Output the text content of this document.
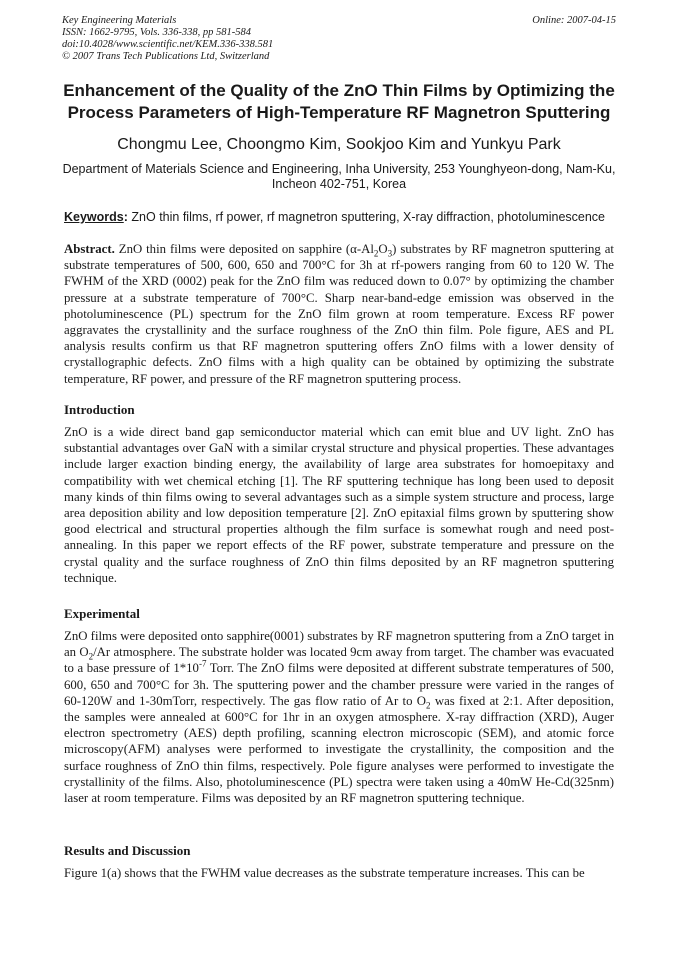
Key Engineering Materials
ISSN: 1662-9795, Vols. 336-338, pp 581-584
doi:10.4028/www.scientific.net/KEM.336-338.581
© 2007 Trans Tech Publications Ltd, Switzerland
Online: 2007-04-15
Enhancement of the Quality of the ZnO Thin Films by Optimizing the
Process Parameters of High-Temperature RF Magnetron Sputtering
Chongmu Lee, Choongmo Kim, Sookjoo Kim and Yunkyu Park
Department of Materials Science and Engineering, Inha University, 253 Younghyeon-dong, Nam-Ku,
Incheon 402-751, Korea
Keywords: ZnO thin films, rf power, rf magnetron sputtering, X-ray diffraction, photoluminescence

Abstract. ZnO thin films were deposited on sapphire $(\alpha-Al_2O_3)$ substrates by RF magnetron sputtering at substrate temperatures of 500, 600, 650 and 700°C for 3h at rf-powers ranging from 60 to 120 W. The FWHM of the XRD (0002) peak for the ZnO film was reduced down to 0.07° by optimizing the chamber pressure at a substrate temperature of 700°C. Sharp near-band-edge emission was observed in the photoluminescence (PL) spectrum for the ZnO film grown at room temperature. Excess RF power aggravates the crystallinity and the surface roughness of the ZnO thin film. Pole figure, AES and PL analysis results confirm us that RF magnetron sputtering offers ZnO films with a lower density of crystallographic defects. ZnO films with a high quality can be obtained by optimizing the substrate temperature, RF power, and pressure of the RF magnetron sputtering process.

Introduction

ZnO is a wide direct band gap semiconductor material which can emit blue and UV light. ZnO has substantial advantages over GaN with a similar crystal structure and physical properties. These advantages include larger exaction binding energy, the availability of large area substrates for homoepitaxy and compatibility with wet chemical etching [1]. The RF sputtering technique has long been used to deposit many kinds of thin films owing to several advantages such as a simple system structure and process, large area deposition ability and low deposition temperature [2]. ZnO epitaxial films grown by sputtering show good electrical and structural properties although the film surface is somewhat rough and need post-annealing. In this paper we report effects of the RF power, substrate temperature and pressure on the crystal quality and the surface roughness of ZnO thin films deposited by an RF magnetron sputtering technique.

Experimental

ZnO films were deposited onto sapphire(0001) substrates by RF magnetron sputtering from a ZnO target in an $O_2/Ar$ atmosphere. The substrate holder was located 9cm away from target. The chamber was evacuated to a base pressure of $1*10^{-7}$ Torr. The ZnO films were deposited at different substrate temperatures of 500, 600, 650 and 700°C for 3h. The sputtering power and the chamber pressure were varied in the ranges of 60-120W and 1-30mTorr, respectively. The gas flow ratio of Ar to $O_2$ was fixed at 2:1. After deposition, the samples were annealed at 600°C for 1hr in an oxygen atmosphere. X-ray diffraction (XRD), Auger electron spectrometry (AES) depth profiling, scanning electron microscopic (SEM), and atomic force microscopy(AFM) analyses were performed to investigate the crystallinity, the composition and the surface roughness of ZnO thin films, respectively. Pole figure analyses were performed to investigate the crystallinity of the films. Also, photoluminescence (PL) spectra were taken using a 40mW He-Cd(325nm) laser at room temperature. Films was deposited by an RF magnetron sputtering technique.

Results and Discussion

Figure 1(a) shows that the FWHM value decreases as the substrate temperature increases. This can be
